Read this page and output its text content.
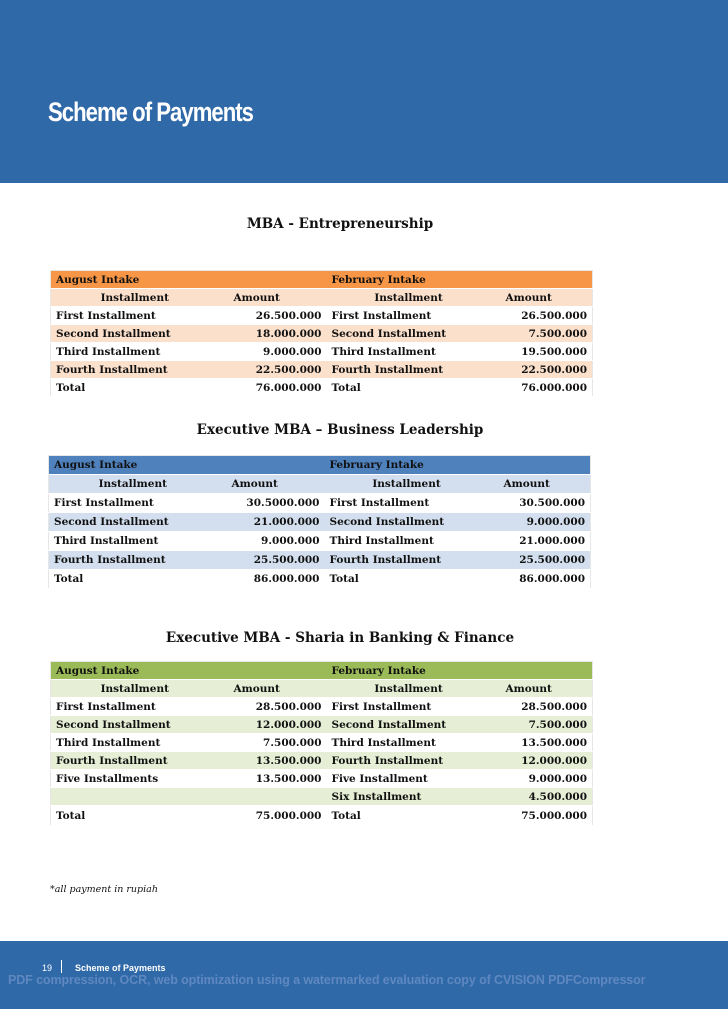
Scheme of Payments
MBA - Entrepreneurship
August Intake		February Intake	
Installment	Amount	Installment	Amount
First Installment	26.500.000	First Installment	26.500.000
Second Installment	18.000.000	Second Installment	7.500.000
Third Installment	9.000.000	Third Installment	19.500.000
Fourth Installment	22.500.000	Fourth Installment	22.500.000
Total	76.000.000	Total	76.000.000
Executive MBA – Business Leadership
August Intake		February Intake	
Installment	Amount	Installment	Amount
First Installment	30.5000.000	First Installment	30.500.000
Second Installment	21.000.000	Second Installment	9.000.000
Third Installment	9.000.000	Third Installment	21.000.000
Fourth Installment	25.500.000	Fourth Installment	25.500.000
Total	86.000.000	Total	86.000.000
Executive MBA - Sharia in Banking & Finance
August Intake		February Intake	
Installment	Amount	Installment	Amount
First Installment	28.500.000	First Installment	28.500.000
Second Installment	12.000.000	Second Installment	7.500.000
Third Installment	7.500.000	Third Installment	13.500.000
Fourth Installment	13.500.000	Fourth Installment	12.000.000
Five Installments	13.500.000	Five Installment	9.000.000
		Six Installment	4.500.000
Total	75.000.000	Total	75.000.000
*all payment in rupiah
19	Scheme of Payments
PDF compression, OCR, web optimization using a watermarked evaluation copy of CVISION PDFCompressor
